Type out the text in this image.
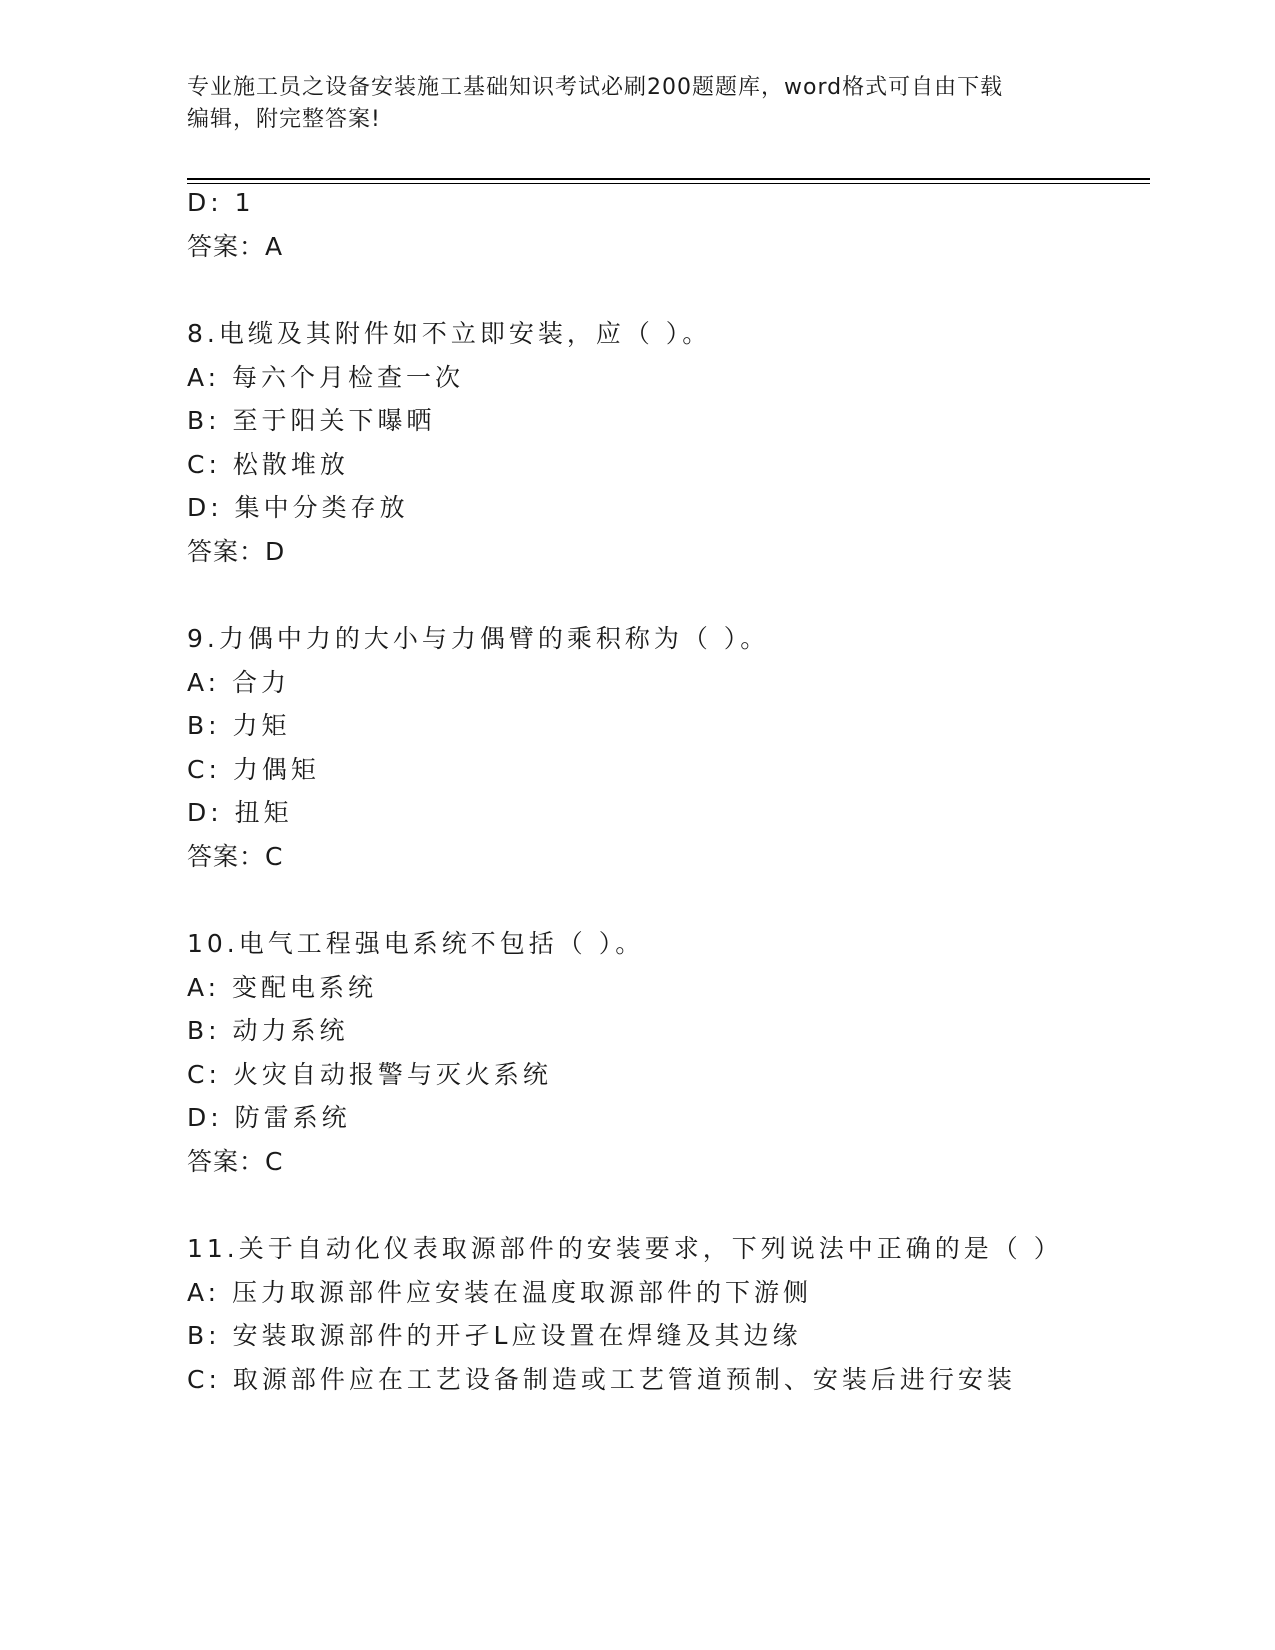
专业施工员之设备安装施工基础知识考试必刷200题题库，word格式可自由下载
编辑，附完整答案!
D: 1
答案：A
8.电缆及其附件如不立即安装，应（ ）。
A: 每六个月检查一次
B: 至于阳关下曝晒
C: 松散堆放
D: 集中分类存放
答案：D
9.力偶中力的大小与力偶臂的乘积称为（ ）。
A: 合力
B: 力矩
C: 力偶矩
D: 扭矩
答案：C
10.电气工程强电系统不包括（ ）。
A: 变配电系统
B: 动力系统
C: 火灾自动报警与灭火系统
D: 防雷系统
答案：C
11.关于自动化仪表取源部件的安装要求，下列说法中正确的是（ ）
A: 压力取源部件应安装在温度取源部件的下游侧
B: 安装取源部件的开孑L应设置在焊缝及其边缘
C: 取源部件应在工艺设备制造或工艺管道预制、安装后进行安装
